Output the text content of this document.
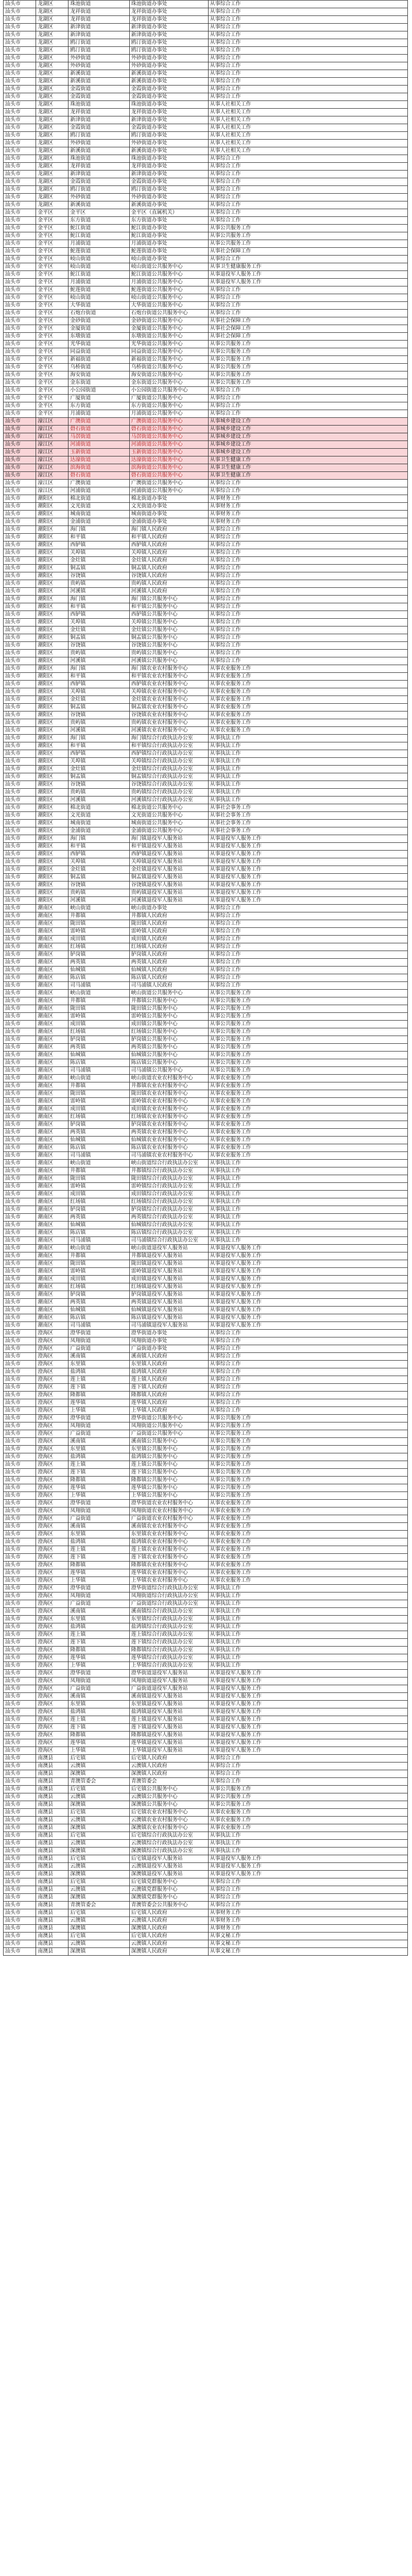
汕头市	龙湖区	珠池街道	珠池街道办事处	从事综合工作
汕头市	龙湖区	龙祥街道	龙祥街道办事处	从事综合工作
汕头市	龙湖区	龙祥街道	龙祥街道办事处	从事综合工作
汕头市	龙湖区	新津街道	新津街道办事处	从事综合工作
汕头市	龙湖区	新津街道	新津街道办事处	从事综合工作
汕头市	龙湖区	鸥汀街道	鸥汀街道办事处	从事综合工作
汕头市	龙湖区	鸥汀街道	鸥汀街道办事处	从事综合工作
汕头市	龙湖区	外砂街道	外砂街道办事处	从事综合工作
汕头市	龙湖区	外砂街道	外砂街道办事处	从事综合工作
汕头市	龙湖区	新溪街道	新溪街道办事处	从事综合工作
汕头市	龙湖区	新溪街道	新溪街道办事处	从事综合工作
汕头市	龙湖区	金霞街道	金霞街道办事处	从事综合工作
汕头市	龙湖区	金霞街道	金霞街道办事处	从事综合工作
汕头市	龙湖区	珠池街道	珠池街道办事处	从事人社相关工作
汕头市	龙湖区	龙祥街道	龙祥街道办事处	从事人社相关工作
汕头市	龙湖区	新津街道	新津街道办事处	从事人社相关工作
汕头市	龙湖区	金霞街道	金霞街道办事处	从事人社相关工作
汕头市	龙湖区	鸥汀街道	鸥汀街道办事处	从事人社相关工作
汕头市	龙湖区	外砂街道	外砂街道办事处	从事人社相关工作
汕头市	龙湖区	新溪街道	新溪街道办事处	从事人社相关工作
汕头市	龙湖区	珠池街道	珠池街道办事处	从事综合工作
汕头市	龙湖区	龙祥街道	龙祥街道办事处	从事综合工作
汕头市	龙湖区	新津街道	新津街道办事处	从事综合工作
汕头市	龙湖区	金霞街道	金霞街道办事处	从事综合工作
汕头市	龙湖区	鸥汀街道	鸥汀街道办事处	从事综合工作
汕头市	龙湖区	外砂街道	外砂街道办事处	从事综合工作
汕头市	龙湖区	新溪街道	新溪街道办事处	从事综合工作
汕头市	金平区	金平区	金平区（直属机关）	从事综合工作
汕头市	金平区	东方街道	东方街道办事处	从事综合工作
汕头市	金平区	鮀江街道	鮀江街道办事处	从事公共服务工作
汕头市	金平区	鮀江街道	鮀江街道办事处	从事公共服务工作
汕头市	金平区	月浦街道	月浦街道办事处	从事公共服务工作
汕头市	金平区	鮀莲街道	鮀莲街道办事处	从事社会保障工作
汕头市	金平区	岐山街道	岐山街道办事处	从事综合工作
汕头市	金平区	岐山街道	岐山街道公共服务中心	从事卫生健康服务工作
汕头市	金平区	鮀江街道	鮀江街道公共服务中心	从事退役军人服务工作
汕头市	金平区	月浦街道	月浦街道公共服务中心	从事退役军人服务工作
汕头市	金平区	鮀莲街道	鮀莲街道公共服务中心	从事综合工作
汕头市	金平区	岐山街道	岐山街道公共服务中心	从事综合工作
汕头市	金平区	大华街道	大华街道公共服务中心	从事综合工作
汕头市	金平区	石炮台街道	石炮台街道公共服务中心	从事综合工作
汕头市	金平区	金砂街道	金砂街道公共服务中心	从事社会保障工作
汕头市	金平区	金厦街道	金厦街道公共服务中心	从事社会保障工作
汕头市	金平区	东墩街道	东墩街道公共服务中心	从事社会保障工作
汕头市	金平区	光华街道	光华街道公共服务中心	从事公共服务工作
汕头市	金平区	同益街道	同益街道公共服务中心	从事公共服务工作
汕头市	金平区	新福街道	新福街道公共服务中心	从事公共服务工作
汕头市	金平区	乌桥街道	乌桥街道公共服务中心	从事公共服务工作
汕头市	金平区	海安街道	海安街道公共服务中心	从事公共服务工作
汕头市	金平区	金东街道	金东街道公共服务中心	从事公共服务工作
汕头市	金平区	小公园街道	小公园街道公共服务中心	从事综合工作
汕头市	金平区	广厦街道	广厦街道公共服务中心	从事综合工作
汕头市	金平区	东方街道	东方街道公共服务中心	从事综合工作
汕头市	金平区	月浦街道	月浦街道公共服务中心	从事综合工作
汕头市	濠江区	广澳街道	广澳街道公共服务中心	从事城乡建设工作
汕头市	濠江区	礐石街道	礐石街道公共服务中心	从事城乡建设工作
汕头市	濠江区	马滘街道	马滘街道公共服务中心	从事城乡建设工作
汕头市	濠江区	河浦街道	河浦街道公共服务中心	从事城乡建设工作
汕头市	濠江区	玉新街道	玉新街道公共服务中心	从事城乡建设工作
汕头市	濠江区	达濠街道	达濠街道公共服务中心	从事卫生健康工作
汕头市	濠江区	滨海街道	滨海街道公共服务中心	从事卫生健康工作
汕头市	濠江区	礐石街道	礐石街道公共服务中心	从事卫生健康工作
汕头市	濠江区	广澳街道	广澳街道公共服务中心	从事综合工作
汕头市	濠江区	河浦街道	河浦街道公共服务中心	从事综合工作
汕头市	潮阳区	棉北街道	棉北街道办事处	从事财务工作
汕头市	潮阳区	文光街道	文光街道办事处	从事财务工作
汕头市	潮阳区	城南街道	城南街道办事处	从事财务工作
汕头市	潮阳区	金浦街道	金浦街道办事处	从事财务工作
汕头市	潮阳区	海门镇	海门镇人民政府	从事综合工作
汕头市	潮阳区	和平镇	和平镇人民政府	从事综合工作
汕头市	潮阳区	西胪镇	西胪镇人民政府	从事综合工作
汕头市	潮阳区	关埠镇	关埠镇人民政府	从事综合工作
汕头市	潮阳区	金灶镇	金灶镇人民政府	从事综合工作
汕头市	潮阳区	铜盂镇	铜盂镇人民政府	从事综合工作
汕头市	潮阳区	谷饶镇	谷饶镇人民政府	从事综合工作
汕头市	潮阳区	贵屿镇	贵屿镇人民政府	从事综合工作
汕头市	潮阳区	河溪镇	河溪镇人民政府	从事综合工作
汕头市	潮阳区	海门镇	海门镇公共服务中心	从事综合工作
汕头市	潮阳区	和平镇	和平镇公共服务中心	从事综合工作
汕头市	潮阳区	西胪镇	西胪镇公共服务中心	从事综合工作
汕头市	潮阳区	关埠镇	关埠镇公共服务中心	从事综合工作
汕头市	潮阳区	金灶镇	金灶镇公共服务中心	从事综合工作
汕头市	潮阳区	铜盂镇	铜盂镇公共服务中心	从事综合工作
汕头市	潮阳区	谷饶镇	谷饶镇公共服务中心	从事综合工作
汕头市	潮阳区	贵屿镇	贵屿镇公共服务中心	从事综合工作
汕头市	潮阳区	河溪镇	河溪镇公共服务中心	从事综合工作
汕头市	潮阳区	海门镇	海门镇农业农村服务中心	从事农业服务工作
汕头市	潮阳区	和平镇	和平镇农业农村服务中心	从事农业服务工作
汕头市	潮阳区	西胪镇	西胪镇农业农村服务中心	从事农业服务工作
汕头市	潮阳区	关埠镇	关埠镇农业农村服务中心	从事农业服务工作
汕头市	潮阳区	金灶镇	金灶镇农业农村服务中心	从事农业服务工作
汕头市	潮阳区	铜盂镇	铜盂镇农业农村服务中心	从事农业服务工作
汕头市	潮阳区	谷饶镇	谷饶镇农业农村服务中心	从事农业服务工作
汕头市	潮阳区	贵屿镇	贵屿镇农业农村服务中心	从事农业服务工作
汕头市	潮阳区	河溪镇	河溪镇农业农村服务中心	从事农业服务工作
汕头市	潮阳区	海门镇	海门镇综合行政执法办公室	从事执法工作
汕头市	潮阳区	和平镇	和平镇综合行政执法办公室	从事执法工作
汕头市	潮阳区	西胪镇	西胪镇综合行政执法办公室	从事执法工作
汕头市	潮阳区	关埠镇	关埠镇综合行政执法办公室	从事执法工作
汕头市	潮阳区	金灶镇	金灶镇综合行政执法办公室	从事执法工作
汕头市	潮阳区	铜盂镇	铜盂镇综合行政执法办公室	从事执法工作
汕头市	潮阳区	谷饶镇	谷饶镇综合行政执法办公室	从事执法工作
汕头市	潮阳区	贵屿镇	贵屿镇综合行政执法办公室	从事执法工作
汕头市	潮阳区	河溪镇	河溪镇综合行政执法办公室	从事执法工作
汕头市	潮阳区	棉北街道	棉北街道公共服务中心	从事社会事务工作
汕头市	潮阳区	文光街道	文光街道公共服务中心	从事社会事务工作
汕头市	潮阳区	城南街道	城南街道公共服务中心	从事社会事务工作
汕头市	潮阳区	金浦街道	金浦街道公共服务中心	从事社会事务工作
汕头市	潮阳区	海门镇	海门镇退役军人服务站	从事退役军人服务工作
汕头市	潮阳区	和平镇	和平镇退役军人服务站	从事退役军人服务工作
汕头市	潮阳区	西胪镇	西胪镇退役军人服务站	从事退役军人服务工作
汕头市	潮阳区	关埠镇	关埠镇退役军人服务站	从事退役军人服务工作
汕头市	潮阳区	金灶镇	金灶镇退役军人服务站	从事退役军人服务工作
汕头市	潮阳区	铜盂镇	铜盂镇退役军人服务站	从事退役军人服务工作
汕头市	潮阳区	谷饶镇	谷饶镇退役军人服务站	从事退役军人服务工作
汕头市	潮阳区	贵屿镇	贵屿镇退役军人服务站	从事退役军人服务工作
汕头市	潮阳区	河溪镇	河溪镇退役军人服务站	从事退役军人服务工作
汕头市	潮南区	峡山街道	峡山街道办事处	从事综合工作
汕头市	潮南区	井都镇	井都镇人民政府	从事综合工作
汕头市	潮南区	陇田镇	陇田镇人民政府	从事综合工作
汕头市	潮南区	雷岭镇	雷岭镇人民政府	从事综合工作
汕头市	潮南区	成田镇	成田镇人民政府	从事综合工作
汕头市	潮南区	红场镇	红场镇人民政府	从事综合工作
汕头市	潮南区	胪岗镇	胪岗镇人民政府	从事综合工作
汕头市	潮南区	两英镇	两英镇人民政府	从事综合工作
汕头市	潮南区	仙城镇	仙城镇人民政府	从事综合工作
汕头市	潮南区	陈店镇	陈店镇人民政府	从事综合工作
汕头市	潮南区	司马浦镇	司马浦镇人民政府	从事综合工作
汕头市	潮南区	峡山街道	峡山街道公共服务中心	从事公共服务工作
汕头市	潮南区	井都镇	井都镇公共服务中心	从事公共服务工作
汕头市	潮南区	陇田镇	陇田镇公共服务中心	从事公共服务工作
汕头市	潮南区	雷岭镇	雷岭镇公共服务中心	从事公共服务工作
汕头市	潮南区	成田镇	成田镇公共服务中心	从事公共服务工作
汕头市	潮南区	红场镇	红场镇公共服务中心	从事公共服务工作
汕头市	潮南区	胪岗镇	胪岗镇公共服务中心	从事公共服务工作
汕头市	潮南区	两英镇	两英镇公共服务中心	从事公共服务工作
汕头市	潮南区	仙城镇	仙城镇公共服务中心	从事公共服务工作
汕头市	潮南区	陈店镇	陈店镇公共服务中心	从事公共服务工作
汕头市	潮南区	司马浦镇	司马浦镇公共服务中心	从事公共服务工作
汕头市	潮南区	峡山街道	峡山街道农业农村服务中心	从事农业服务工作
汕头市	潮南区	井都镇	井都镇农业农村服务中心	从事农业服务工作
汕头市	潮南区	陇田镇	陇田镇农业农村服务中心	从事农业服务工作
汕头市	潮南区	雷岭镇	雷岭镇农业农村服务中心	从事农业服务工作
汕头市	潮南区	成田镇	成田镇农业农村服务中心	从事农业服务工作
汕头市	潮南区	红场镇	红场镇农业农村服务中心	从事农业服务工作
汕头市	潮南区	胪岗镇	胪岗镇农业农村服务中心	从事农业服务工作
汕头市	潮南区	两英镇	两英镇农业农村服务中心	从事农业服务工作
汕头市	潮南区	仙城镇	仙城镇农业农村服务中心	从事农业服务工作
汕头市	潮南区	陈店镇	陈店镇农业农村服务中心	从事农业服务工作
汕头市	潮南区	司马浦镇	司马浦镇农业农村服务中心	从事农业服务工作
汕头市	潮南区	峡山街道	峡山街道综合行政执法办公室	从事执法工作
汕头市	潮南区	井都镇	井都镇综合行政执法办公室	从事执法工作
汕头市	潮南区	陇田镇	陇田镇综合行政执法办公室	从事执法工作
汕头市	潮南区	雷岭镇	雷岭镇综合行政执法办公室	从事执法工作
汕头市	潮南区	成田镇	成田镇综合行政执法办公室	从事执法工作
汕头市	潮南区	红场镇	红场镇综合行政执法办公室	从事执法工作
汕头市	潮南区	胪岗镇	胪岗镇综合行政执法办公室	从事执法工作
汕头市	潮南区	两英镇	两英镇综合行政执法办公室	从事执法工作
汕头市	潮南区	仙城镇	仙城镇综合行政执法办公室	从事执法工作
汕头市	潮南区	陈店镇	陈店镇综合行政执法办公室	从事执法工作
汕头市	潮南区	司马浦镇	司马浦镇综合行政执法办公室	从事执法工作
汕头市	潮南区	峡山街道	峡山街道退役军人服务站	从事退役军人服务工作
汕头市	潮南区	井都镇	井都镇退役军人服务站	从事退役军人服务工作
汕头市	潮南区	陇田镇	陇田镇退役军人服务站	从事退役军人服务工作
汕头市	潮南区	雷岭镇	雷岭镇退役军人服务站	从事退役军人服务工作
汕头市	潮南区	成田镇	成田镇退役军人服务站	从事退役军人服务工作
汕头市	潮南区	红场镇	红场镇退役军人服务站	从事退役军人服务工作
汕头市	潮南区	胪岗镇	胪岗镇退役军人服务站	从事退役军人服务工作
汕头市	潮南区	两英镇	两英镇退役军人服务站	从事退役军人服务工作
汕头市	潮南区	仙城镇	仙城镇退役军人服务站	从事退役军人服务工作
汕头市	潮南区	陈店镇	陈店镇退役军人服务站	从事退役军人服务工作
汕头市	潮南区	司马浦镇	司马浦镇退役军人服务站	从事退役军人服务工作
汕头市	澄海区	澄华街道	澄华街道办事处	从事综合工作
汕头市	澄海区	凤翔街道	凤翔街道办事处	从事综合工作
汕头市	澄海区	广益街道	广益街道办事处	从事综合工作
汕头市	澄海区	溪南镇	溪南镇人民政府	从事综合工作
汕头市	澄海区	东里镇	东里镇人民政府	从事综合工作
汕头市	澄海区	盐鸿镇	盐鸿镇人民政府	从事综合工作
汕头市	澄海区	莲上镇	莲上镇人民政府	从事综合工作
汕头市	澄海区	莲下镇	莲下镇人民政府	从事综合工作
汕头市	澄海区	隆都镇	隆都镇人民政府	从事综合工作
汕头市	澄海区	莲华镇	莲华镇人民政府	从事综合工作
汕头市	澄海区	上华镇	上华镇人民政府	从事综合工作
汕头市	澄海区	澄华街道	澄华街道公共服务中心	从事公共服务工作
汕头市	澄海区	凤翔街道	凤翔街道公共服务中心	从事公共服务工作
汕头市	澄海区	广益街道	广益街道公共服务中心	从事公共服务工作
汕头市	澄海区	溪南镇	溪南镇公共服务中心	从事公共服务工作
汕头市	澄海区	东里镇	东里镇公共服务中心	从事公共服务工作
汕头市	澄海区	盐鸿镇	盐鸿镇公共服务中心	从事公共服务工作
汕头市	澄海区	莲上镇	莲上镇公共服务中心	从事公共服务工作
汕头市	澄海区	莲下镇	莲下镇公共服务中心	从事公共服务工作
汕头市	澄海区	隆都镇	隆都镇公共服务中心	从事公共服务工作
汕头市	澄海区	莲华镇	莲华镇公共服务中心	从事公共服务工作
汕头市	澄海区	上华镇	上华镇公共服务中心	从事公共服务工作
汕头市	澄海区	澄华街道	澄华街道农业农村服务中心	从事农业服务工作
汕头市	澄海区	凤翔街道	凤翔街道农业农村服务中心	从事农业服务工作
汕头市	澄海区	广益街道	广益街道农业农村服务中心	从事农业服务工作
汕头市	澄海区	溪南镇	溪南镇农业农村服务中心	从事农业服务工作
汕头市	澄海区	东里镇	东里镇农业农村服务中心	从事农业服务工作
汕头市	澄海区	盐鸿镇	盐鸿镇农业农村服务中心	从事农业服务工作
汕头市	澄海区	莲上镇	莲上镇农业农村服务中心	从事农业服务工作
汕头市	澄海区	莲下镇	莲下镇农业农村服务中心	从事农业服务工作
汕头市	澄海区	隆都镇	隆都镇农业农村服务中心	从事农业服务工作
汕头市	澄海区	莲华镇	莲华镇农业农村服务中心	从事农业服务工作
汕头市	澄海区	上华镇	上华镇农业农村服务中心	从事农业服务工作
汕头市	澄海区	澄华街道	澄华街道综合行政执法办公室	从事执法工作
汕头市	澄海区	凤翔街道	凤翔街道综合行政执法办公室	从事执法工作
汕头市	澄海区	广益街道	广益街道综合行政执法办公室	从事执法工作
汕头市	澄海区	溪南镇	溪南镇综合行政执法办公室	从事执法工作
汕头市	澄海区	东里镇	东里镇综合行政执法办公室	从事执法工作
汕头市	澄海区	盐鸿镇	盐鸿镇综合行政执法办公室	从事执法工作
汕头市	澄海区	莲上镇	莲上镇综合行政执法办公室	从事执法工作
汕头市	澄海区	莲下镇	莲下镇综合行政执法办公室	从事执法工作
汕头市	澄海区	隆都镇	隆都镇综合行政执法办公室	从事执法工作
汕头市	澄海区	莲华镇	莲华镇综合行政执法办公室	从事执法工作
汕头市	澄海区	上华镇	上华镇综合行政执法办公室	从事执法工作
汕头市	澄海区	澄华街道	澄华街道退役军人服务站	从事退役军人服务工作
汕头市	澄海区	凤翔街道	凤翔街道退役军人服务站	从事退役军人服务工作
汕头市	澄海区	广益街道	广益街道退役军人服务站	从事退役军人服务工作
汕头市	澄海区	溪南镇	溪南镇退役军人服务站	从事退役军人服务工作
汕头市	澄海区	东里镇	东里镇退役军人服务站	从事退役军人服务工作
汕头市	澄海区	盐鸿镇	盐鸿镇退役军人服务站	从事退役军人服务工作
汕头市	澄海区	莲上镇	莲上镇退役军人服务站	从事退役军人服务工作
汕头市	澄海区	莲下镇	莲下镇退役军人服务站	从事退役军人服务工作
汕头市	澄海区	隆都镇	隆都镇退役军人服务站	从事退役军人服务工作
汕头市	澄海区	莲华镇	莲华镇退役军人服务站	从事退役军人服务工作
汕头市	澄海区	上华镇	上华镇退役军人服务站	从事退役军人服务工作
汕头市	南澳县	后宅镇	后宅镇人民政府	从事综合工作
汕头市	南澳县	云澳镇	云澳镇人民政府	从事综合工作
汕头市	南澳县	深澳镇	深澳镇人民政府	从事综合工作
汕头市	南澳县	青澳管委会	青澳管委会	从事综合工作
汕头市	南澳县	后宅镇	后宅镇公共服务中心	从事公共服务工作
汕头市	南澳县	云澳镇	云澳镇公共服务中心	从事公共服务工作
汕头市	南澳县	深澳镇	深澳镇公共服务中心	从事公共服务工作
汕头市	南澳县	后宅镇	后宅镇农业农村服务中心	从事农业服务工作
汕头市	南澳县	云澳镇	云澳镇农业农村服务中心	从事农业服务工作
汕头市	南澳县	深澳镇	深澳镇农业农村服务中心	从事农业服务工作
汕头市	南澳县	后宅镇	后宅镇综合行政执法办公室	从事执法工作
汕头市	南澳县	云澳镇	云澳镇综合行政执法办公室	从事执法工作
汕头市	南澳县	深澳镇	深澳镇综合行政执法办公室	从事执法工作
汕头市	南澳县	后宅镇	后宅镇退役军人服务站	从事退役军人服务工作
汕头市	南澳县	云澳镇	云澳镇退役军人服务站	从事退役军人服务工作
汕头市	南澳县	深澳镇	深澳镇退役军人服务站	从事退役军人服务工作
汕头市	南澳县	后宅镇	后宅镇党群服务中心	从事综合工作
汕头市	南澳县	云澳镇	云澳镇党群服务中心	从事综合工作
汕头市	南澳县	深澳镇	深澳镇党群服务中心	从事综合工作
汕头市	南澳县	青澳管委会	青澳管委会公共服务中心	从事综合工作
汕头市	南澳县	后宅镇	后宅镇人民政府	从事财务工作
汕头市	南澳县	云澳镇	云澳镇人民政府	从事财务工作
汕头市	南澳县	深澳镇	深澳镇人民政府	从事财务工作
汕头市	南澳县	后宅镇	后宅镇人民政府	从事文秘工作
汕头市	南澳县	云澳镇	云澳镇人民政府	从事文秘工作
汕头市	南澳县	深澳镇	深澳镇人民政府	从事文秘工作
